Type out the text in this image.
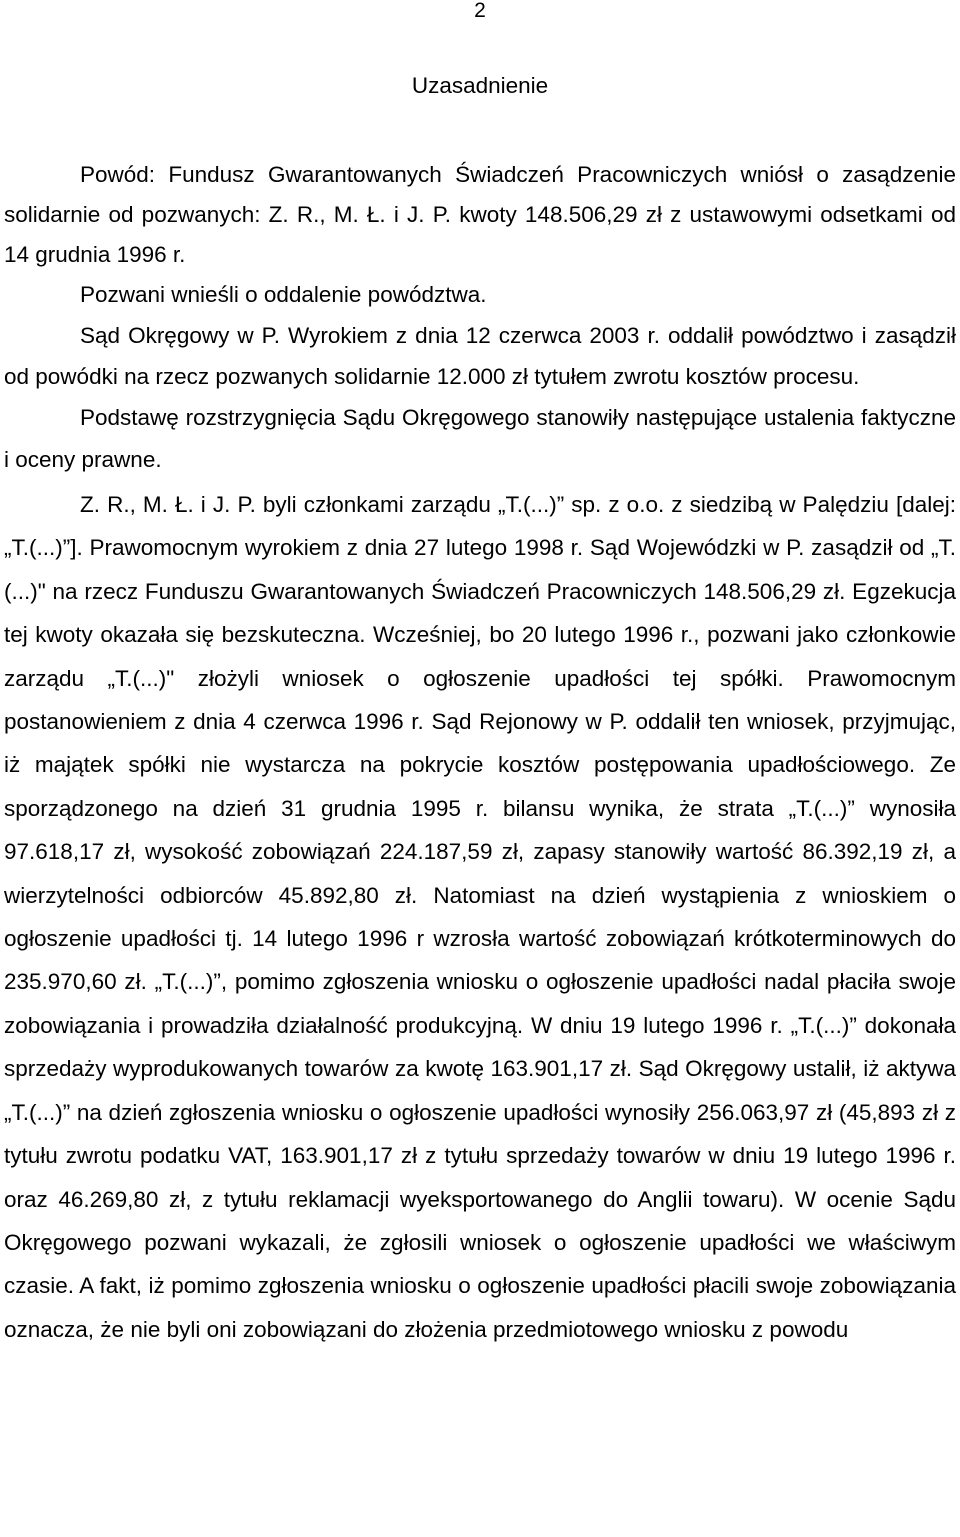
2
Uzasadnienie

Powód: Fundusz Gwarantowanych Świadczeń Pracowniczych wniósł o zasądzenie solidarnie od pozwanych: Z. R., M. Ł. i J. P. kwoty 148.506,29 zł z ustawowymi odsetkami od 14 grudnia 1996 r.

Pozwani wnieśli o oddalenie powództwa.

Sąd Okręgowy w P. Wyrokiem z dnia 12 czerwca 2003 r. oddalił powództwo i zasądził od powódki na rzecz pozwanych solidarnie 12.000 zł tytułem zwrotu kosztów procesu.

Podstawę rozstrzygnięcia Sądu Okręgowego stanowiły następujące ustalenia faktyczne i oceny prawne.

Z. R., M. Ł. i J. P. byli członkami zarządu „T.(...)” sp. z o.o. z siedzibą w Palędziu [dalej: „T.(...)”]. Prawomocnym wyrokiem z dnia 27 lutego 1998 r. Sąd Wojewódzki w P. zasądził od „T.(...)" na rzecz Funduszu Gwarantowanych Świadczeń Pracowniczych 148.506,29 zł. Egzekucja tej kwoty okazała się bezskuteczna. Wcześniej, bo 20 lutego 1996 r., pozwani jako członkowie zarządu „T.(...)" złożyli wniosek o ogłoszenie upadłości tej spółki. Prawomocnym postanowieniem z dnia 4 czerwca 1996 r. Sąd Rejonowy w P. oddalił ten wniosek, przyjmując, iż majątek spółki nie wystarcza na pokrycie kosztów postępowania upadłościowego. Ze sporządzonego na dzień 31 grudnia 1995 r. bilansu wynika, że strata „T.(...)” wynosiła 97.618,17 zł, wysokość zobowiązań 224.187,59 zł, zapasy stanowiły wartość 86.392,19 zł, a wierzytelności odbiorców 45.892,80 zł. Natomiast na dzień wystąpienia z wnioskiem o ogłoszenie upadłości tj. 14 lutego 1996 r wzrosła wartość zobowiązań krótkoterminowych do 235.970,60 zł. „T.(...)”, pomimo zgłoszenia wniosku o ogłoszenie upadłości nadal płaciła swoje zobowiązania i prowadziła działalność produkcyjną. W dniu 19 lutego 1996 r. „T.(...)” dokonała sprzedaży wyprodukowanych towarów za kwotę 163.901,17 zł. Sąd Okręgowy ustalił, iż aktywa „T.(...)” na dzień zgłoszenia wniosku o ogłoszenie upadłości wynosiły 256.063,97 zł (45,893 zł z tytułu zwrotu podatku VAT, 163.901,17 zł z tytułu sprzedaży towarów w dniu 19 lutego 1996 r. oraz 46.269,80 zł, z tytułu reklamacji wyeksportowanego do Anglii towaru). W ocenie Sądu Okręgowego pozwani wykazali, że zgłosili wniosek o ogłoszenie upadłości we właściwym czasie. A fakt, iż pomimo zgłoszenia wniosku o ogłoszenie upadłości płacili swoje zobowiązania oznacza, że nie byli oni zobowiązani do złożenia przedmiotowego wniosku z powodu
